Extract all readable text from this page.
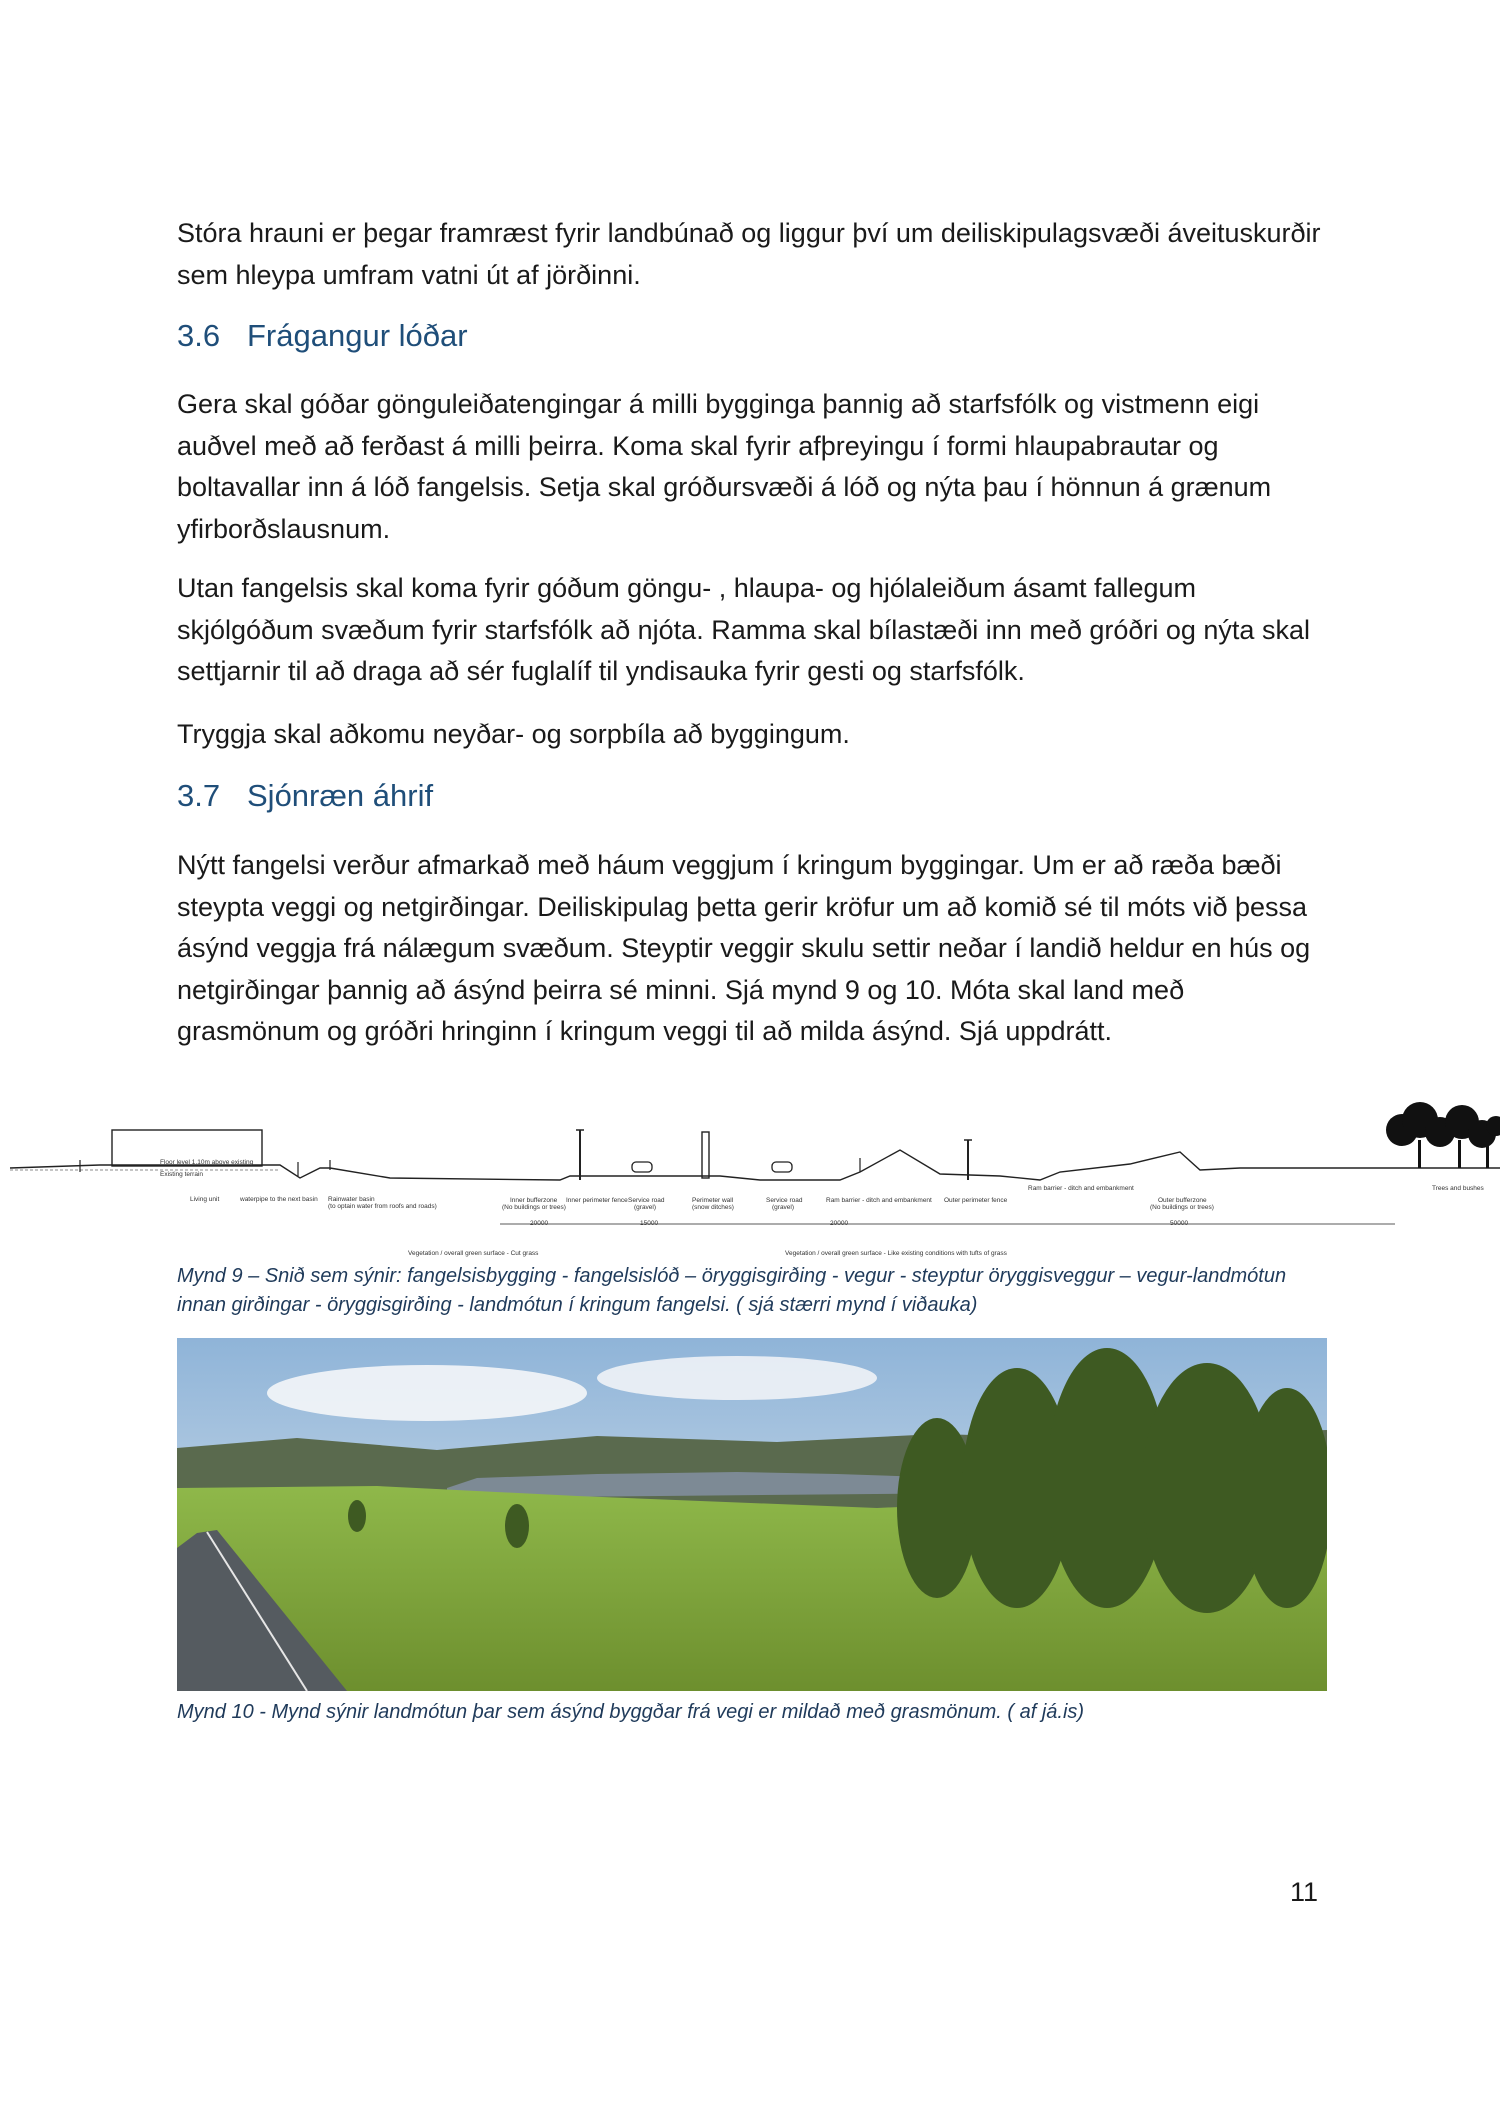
Stóra hrauni er þegar framræst fyrir landbúnað og liggur því um deiliskipulagsvæði áveituskurðir sem hleypa umfram vatni út af jörðinni.

3.6 Frágangur lóðar

Gera skal góðar gönguleiðatengingar á milli bygginga þannig að starfsfólk og vistmenn eigi auðvel með að ferðast á milli þeirra. Koma skal fyrir afþreyingu í formi hlaupabrautar og boltavallar inn á lóð fangelsis. Setja skal gróðursvæði á lóð og nýta þau í hönnun á grænum yfirborðslausnum.

Utan fangelsis skal koma fyrir góðum göngu- , hlaupa- og hjólaleiðum ásamt fallegum skjólgóðum svæðum fyrir starfsfólk að njóta. Ramma skal bílastæði inn með gróðri og nýta skal settjarnir til að draga að sér fuglalíf til yndisauka fyrir gesti og starfsfólk.

Tryggja skal aðkomu neyðar- og sorpbíla að byggingum.

3.7 Sjónræn áhrif

Nýtt fangelsi verður afmarkað með háum veggjum í kringum byggingar. Um er að ræða bæði steypta veggi og netgirðingar. Deiliskipulag þetta gerir kröfur um að komið sé til móts við þessa ásýnd veggja frá nálægum svæðum. Steyptir veggir skulu settir neðar í landið heldur en hús og netgirðingar þannig að ásýnd þeirra sé minni. Sjá mynd 9 og 10. Móta skal land með grasmönum og gróðri hringinn í kringum veggi til að milda ásýnd. Sjá uppdrátt.

Floor level 1.10m above existing
Existing terrain
Living unit	waterpipe to the next basin Rainwater basin
(to optain water from roofs and roads)
Inner bufferzone
(No buildings or trees)
Inner perimeter fence Service road
(gravel)
Perimeter wall
(snow ditches)
Service road
(gravel)
Ram barrier - ditch and embankment Outer perimeter fence
Ram barrier - ditch and embankment
Outer bufferzone
(No buildings or trees)
Trees and bushes
20000	15000	20000	50000
Vegetation / overall green surface - Cut grass	Vegetation / overall green surface - Like existing conditions with tufts of grass

Mynd 9 – Snið sem sýnir: fangelsisbygging - fangelsislóð – öryggisgirðing - vegur - steyptur öryggisveggur – vegur-landmótun innan girðingar - öryggisgirðing - landmótun í kringum fangelsi. ( sjá stærri mynd í viðauka)

Mynd 10 - Mynd sýnir landmótun þar sem ásýnd byggðar frá vegi er mildað með grasmönum. ( af já.is)

11
